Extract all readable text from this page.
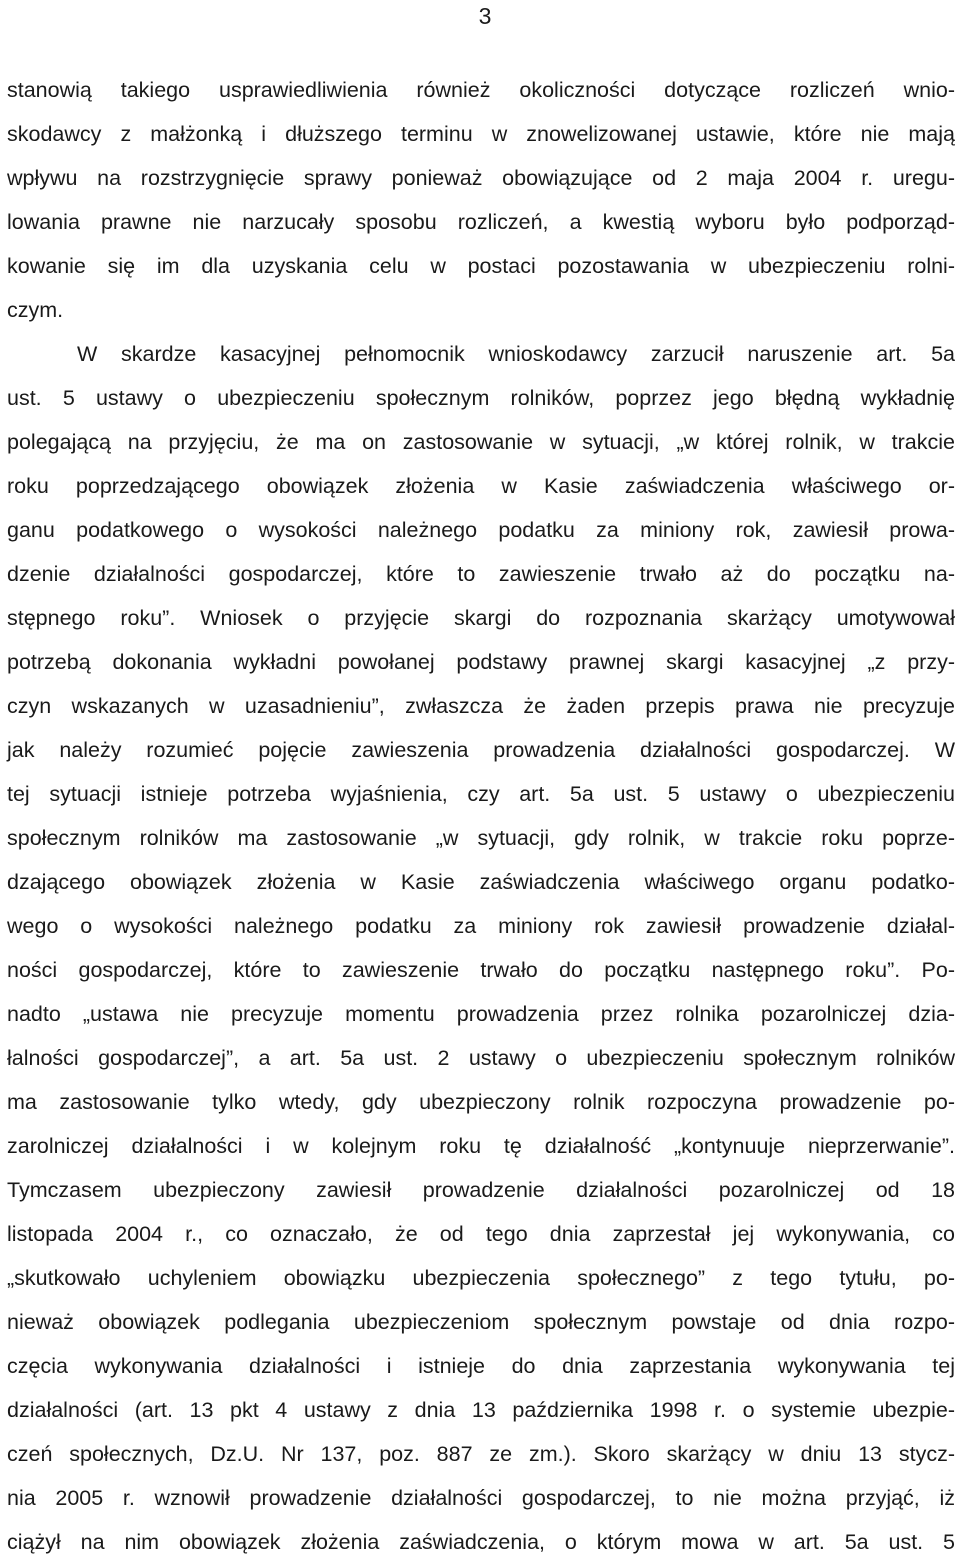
3
stanowią takiego usprawiedliwienia również okoliczności dotyczące rozliczeń wnio-
skodawcy z małżonką i dłuższego terminu w znowelizowanej ustawie, które nie mają
wpływu na rozstrzygnięcie sprawy ponieważ obowiązujące od 2 maja 2004 r. uregu-
lowania prawne nie narzucały sposobu rozliczeń, a kwestią wyboru było podporząd-
kowanie się im dla uzyskania celu w postaci pozostawania w ubezpieczeniu rolni-
czym.
W skardze kasacyjnej pełnomocnik wnioskodawcy zarzucił naruszenie art. 5a
ust. 5 ustawy o ubezpieczeniu społecznym rolników, poprzez jego błędną wykładnię
polegającą na przyjęciu, że ma on zastosowanie w sytuacji, „w której rolnik, w trakcie
roku poprzedzającego obowiązek złożenia w Kasie zaświadczenia właściwego or-
ganu podatkowego o wysokości należnego podatku za miniony rok, zawiesił prowa-
dzenie działalności gospodarczej, które to zawieszenie trwało aż do początku na-
stępnego roku”. Wniosek o przyjęcie skargi do rozpoznania skarżący umotywował
potrzebą dokonania wykładni powołanej podstawy prawnej skargi kasacyjnej „z przy-
czyn wskazanych w uzasadnieniu”, zwłaszcza że żaden przepis prawa nie precyzuje
jak należy rozumieć pojęcie zawieszenia prowadzenia działalności gospodarczej. W
tej sytuacji istnieje potrzeba wyjaśnienia, czy art. 5a ust. 5 ustawy o ubezpieczeniu
społecznym rolników ma zastosowanie „w sytuacji, gdy rolnik, w trakcie roku poprze-
dzającego obowiązek złożenia w Kasie zaświadczenia właściwego organu podatko-
wego o wysokości należnego podatku za miniony rok zawiesił prowadzenie działal-
ności gospodarczej, które to zawieszenie trwało do początku następnego roku”. Po-
nadto „ustawa nie precyzuje momentu prowadzenia przez rolnika pozarolniczej dzia-
łalności gospodarczej”, a art. 5a ust. 2 ustawy o ubezpieczeniu społecznym rolników
ma zastosowanie tylko wtedy, gdy ubezpieczony rolnik rozpoczyna prowadzenie po-
zarolniczej działalności i w kolejnym roku tę działalność „kontynuuje nieprzerwanie”.
Tymczasem ubezpieczony zawiesił prowadzenie działalności pozarolniczej od 18
listopada 2004 r., co oznaczało, że od tego dnia zaprzestał jej wykonywania, co
„skutkowało uchyleniem obowiązku ubezpieczenia społecznego” z tego tytułu, po-
nieważ obowiązek podlegania ubezpieczeniom społecznym powstaje od dnia rozpo-
częcia wykonywania działalności i istnieje do dnia zaprzestania wykonywania tej
działalności (art. 13 pkt 4 ustawy z dnia 13 października 1998 r. o systemie ubezpie-
czeń społecznych, Dz.U. Nr 137, poz. 887 ze zm.). Skoro skarżący w dniu 13 stycz-
nia 2005 r. wznowił prowadzenie działalności gospodarczej, to nie można przyjąć, iż
ciążył na nim obowiązek złożenia zaświadczenia, o którym mowa w art. 5a ust. 5
